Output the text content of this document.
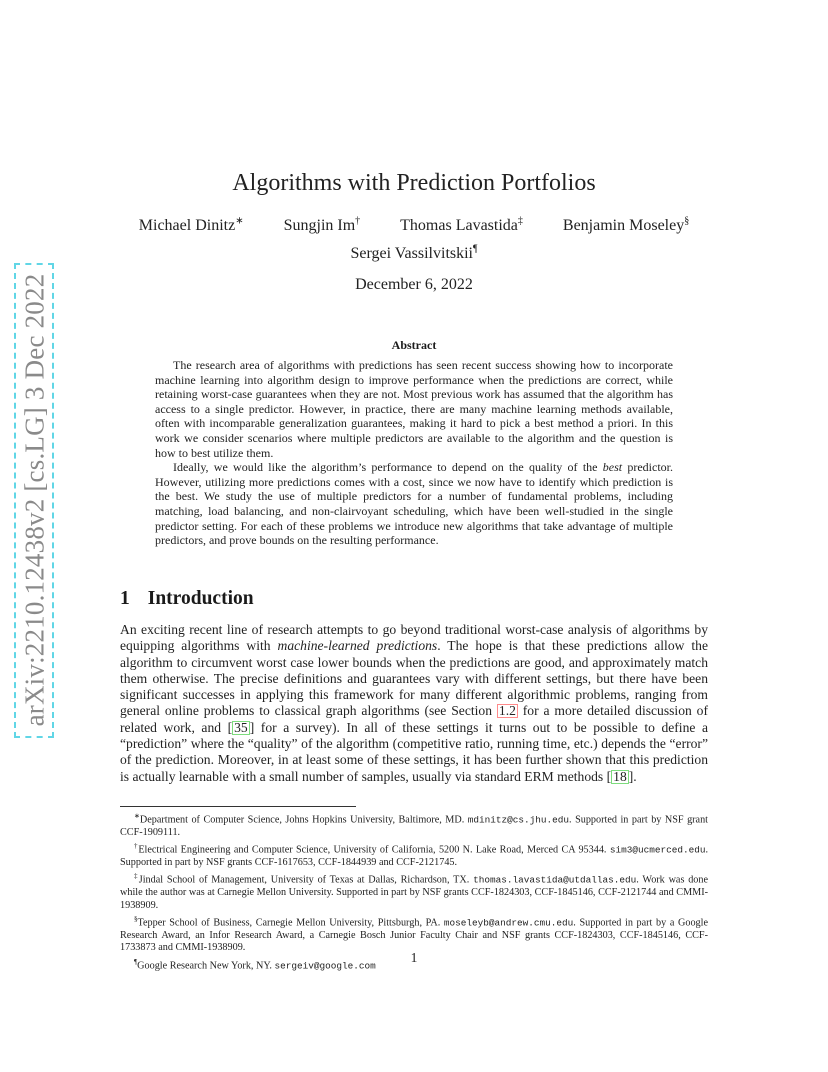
arXiv:2210.12438v2 [cs.LG] 3 Dec 2022
Algorithms with Prediction Portfolios
Michael Dinitz∗	Sungjin Im†	Thomas Lavastida‡	Benjamin Moseley§
Sergei Vassilvitskii¶
December 6, 2022
Abstract

The research area of algorithms with predictions has seen recent success showing how to incorporate machine learning into algorithm design to improve performance when the predictions are correct, while retaining worst-case guarantees when they are not. Most previous work has assumed that the algorithm has access to a single predictor. However, in practice, there are many machine learning methods available, often with incomparable generalization guarantees, making it hard to pick a best method a priori. In this work we consider scenarios where multiple predictors are available to the algorithm and the question is how to best utilize them.

Ideally, we would like the algorithm’s performance to depend on the quality of the best predictor. However, utilizing more predictions comes with a cost, since we now have to identify which prediction is the best. We study the use of multiple predictors for a number of fundamental problems, including matching, load balancing, and non-clairvoyant scheduling, which have been well-studied in the single predictor setting. For each of these problems we introduce new algorithms that take advantage of multiple predictors, and prove bounds on the resulting performance.

1 Introduction

An exciting recent line of research attempts to go beyond traditional worst-case analysis of algorithms by equipping algorithms with machine-learned predictions. The hope is that these predictions allow the algorithm to circumvent worst case lower bounds when the predictions are good, and approximately match them otherwise. The precise definitions and guarantees vary with different settings, but there have been significant successes in applying this framework for many different algorithmic problems, ranging from general online problems to classical graph algorithms (see Section 1.2 for a more detailed discussion of related work, and [ 35 ] for a survey). In all of these settings it turns out to be possible to define a “prediction” where the “quality” of the algorithm (competitive ratio, running time, etc.) depends the “error” of the prediction. Moreover, in at least some of these settings, it has been further shown that this prediction is actually learnable with a small number of samples, usually via standard ERM methods [ 18 ].

∗Department of Computer Science, Johns Hopkins University, Baltimore, MD. mdinitz@cs.jhu.edu. Supported in part by NSF grant CCF-1909111.

†Electrical Engineering and Computer Science, University of California, 5200 N. Lake Road, Merced CA 95344. sim3@ucmerced.edu. Supported in part by NSF grants CCF-1617653, CCF-1844939 and CCF-2121745.

‡Jindal School of Management, University of Texas at Dallas, Richardson, TX. thomas.lavastida@utdallas.edu. Work was done while the author was at Carnegie Mellon University. Supported in part by NSF grants CCF-1824303, CCF-1845146, CCF-2121744 and CMMI-1938909.

§Tepper School of Business, Carnegie Mellon University, Pittsburgh, PA. moseleyb@andrew.cmu.edu. Supported in part by a Google Research Award, an Infor Research Award, a Carnegie Bosch Junior Faculty Chair and NSF grants CCF-1824303, CCF-1845146, CCF-1733873 and CMMI-1938909.

¶Google Research New York, NY. sergeiv@google.com

1
